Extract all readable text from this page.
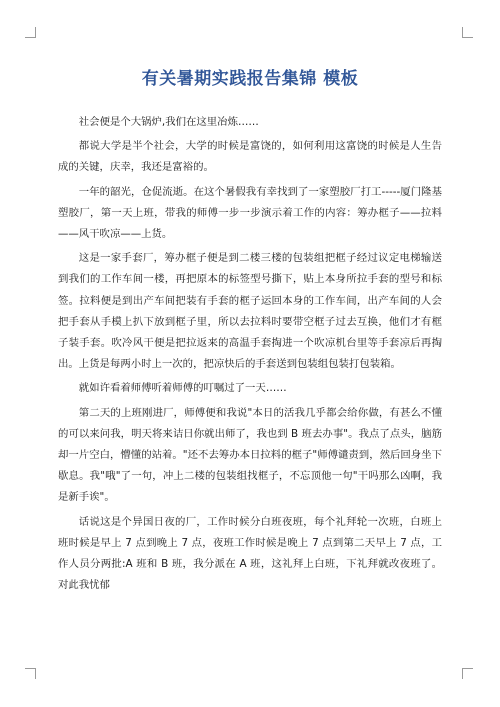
有关暑期实践报告集锦 模板

社会便是个大锅炉,我们在这里冶炼……

都说大学是半个社会，大学的时候是富饶的，如何利用这富饶的时候是人生告成的关键，庆幸，我还是富裕的。

一年的韶光，仓促流逝。在这个暑假我有幸找到了一家塑胶厂打工-----厦门隆基塑胶厂，第一天上班，带我的师傅一步一步演示着工作的内容：筹办框子——拉料——风干吹凉——上货。

这是一家手套厂，筹办框子便是到二楼三楼的包装组把框子经过议定电梯输送到我们的工作车间一楼，再把原本的标签型号撕下，贴上本身所拉手套的型号和标签。拉料便是到出产车间把装有手套的框子运回本身的工作车间，出产车间的人会把手套从手模上扒下放到框子里，所以去拉料时要带空框子过去互换，他们才有框子装手套。吹冷风干便是把拉返来的高温手套掏进一个吹凉机台里等手套凉后再掏出。上货是每两小时上一次的，把凉快后的手套送到包装组包装打包装箱。

就如许看着师傅听着师傅的叮嘱过了一天……

第二天的上班刚进厂，师傅便和我说"本日的活我几乎都会给你做，有甚么不懂的可以来问我，明天将来诘日你就出师了，我也到 B 班去办事"。我点了点头，脑筋却一片空白，懵懂的站着。"还不去筹办本日拉料的框子"师傅谴责到，然后回身坐下歇息。我"哦"了一句，冲上二楼的包装组找框子，不忘顶他一句"干吗那么凶啊，我是新手诶"。

话说这是个异国日夜的厂，工作时候分白班夜班，每个礼拜轮一次班，白班上班时候是早上 7 点到晚上 7 点，夜班工作时候是晚上 7 点到第二天早上 7 点，工作人员分两批:A 班和 B 班，我分派在 A 班，这礼拜上白班，下礼拜就改夜班了。对此我忧郁
